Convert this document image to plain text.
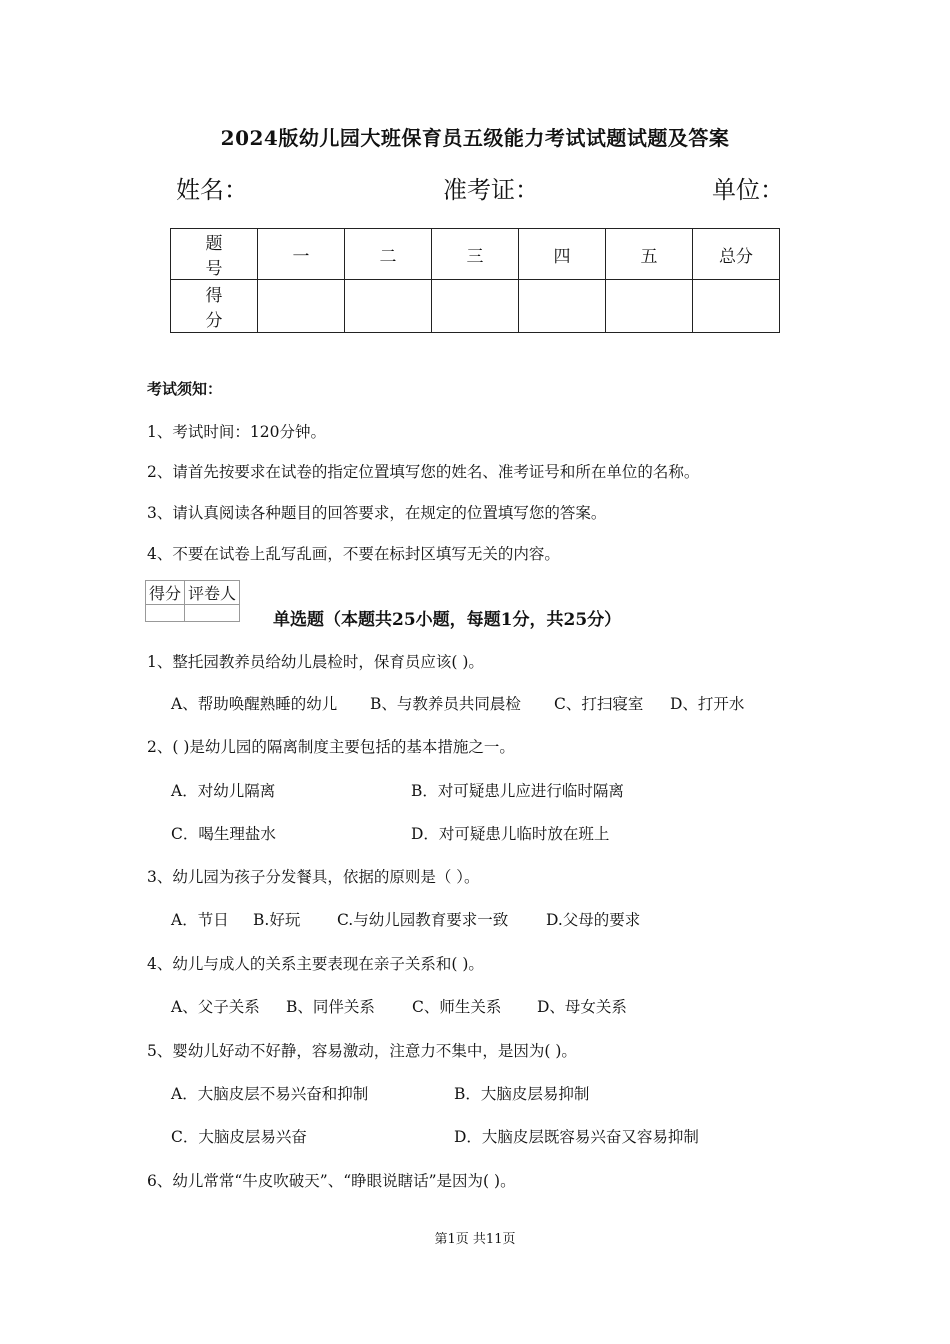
2024版幼儿园大班保育员五级能力考试试题试题及答案
姓名：	准考证：	单位：
题号	一	二	三	四	五	总分
得分						
考试须知：
1、考试时间：120分钟。
2、请首先按要求在试卷的指定位置填写您的姓名、准考证号和所在单位的名称。
3、请认真阅读各种题目的回答要求，在规定的位置填写您的答案。
4、不要在试卷上乱写乱画，不要在标封区填写无关的内容。
得分	评卷人

单选题（本题共25小题，每题1分，共25分）
1、整托园教养员给幼儿晨检时，保育员应该( )。
A、帮助唤醒熟睡的幼儿 B、与教养员共同晨检 C、打扫寝室 D、打开水
2、( )是幼儿园的隔离制度主要包括的基本措施之一。
A．对幼儿隔离	B．对可疑患儿应进行临时隔离
C．喝生理盐水	D．对可疑患儿临时放在班上
3、幼儿园为孩子分发餐具，依据的原则是（ ）。
A．节日 B.好玩 C.与幼儿园教育要求一致 D.父母的要求
4、幼儿与成人的关系主要表现在亲子关系和( )。
A、父子关系 B、同伴关系 C、师生关系 D、母女关系
5、婴幼儿好动不好静，容易激动，注意力不集中，是因为( )。
A．大脑皮层不易兴奋和抑制	B．大脑皮层易抑制
C．大脑皮层易兴奋	D．大脑皮层既容易兴奋又容易抑制
6、幼儿常常“牛皮吹破天”、“睁眼说瞎话”是因为( )。
第1页 共11页
